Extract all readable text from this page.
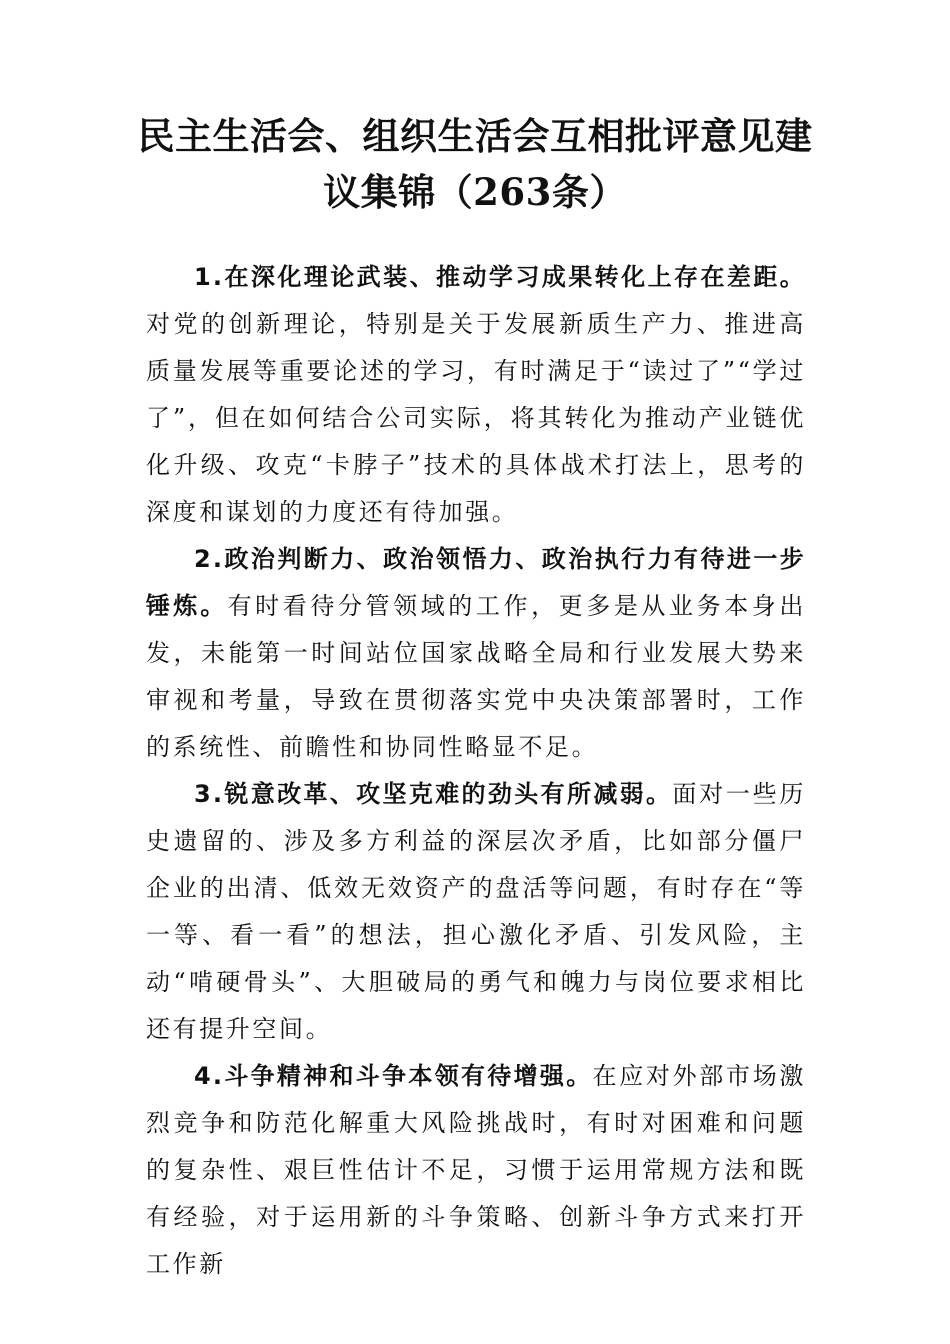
民主生活会、组织生活会互相批评意见建
议集锦（263条）

1.在深化理论武装、推动学习成果转化上存在差距。对党的创新理论，特别是关于发展新质生产力、推进高质量发展等重要论述的学习，有时满足于“读过了”“学过了”，但在如何结合公司实际，将其转化为推动产业链优化升级、攻克“卡脖子”技术的具体战术打法上，思考的深度和谋划的力度还有待加强。

2.政治判断力、政治领悟力、政治执行力有待进一步锤炼。有时看待分管领域的工作，更多是从业务本身出发，未能第一时间站位国家战略全局和行业发展大势来审视和考量，导致在贯彻落实党中央决策部署时，工作的系统性、前瞻性和协同性略显不足。

3.锐意改革、攻坚克难的劲头有所减弱。面对一些历史遗留的、涉及多方利益的深层次矛盾，比如部分僵尸企业的出清、低效无效资产的盘活等问题，有时存在“等一等、看一看”的想法，担心激化矛盾、引发风险，主动“啃硬骨头”、大胆破局的勇气和魄力与岗位要求相比还有提升空间。

4.斗争精神和斗争本领有待增强。在应对外部市场激烈竞争和防范化解重大风险挑战时，有时对困难和问题的复杂性、艰巨性估计不足，习惯于运用常规方法和既有经验，对于运用新的斗争策略、创新斗争方式来打开工作新
